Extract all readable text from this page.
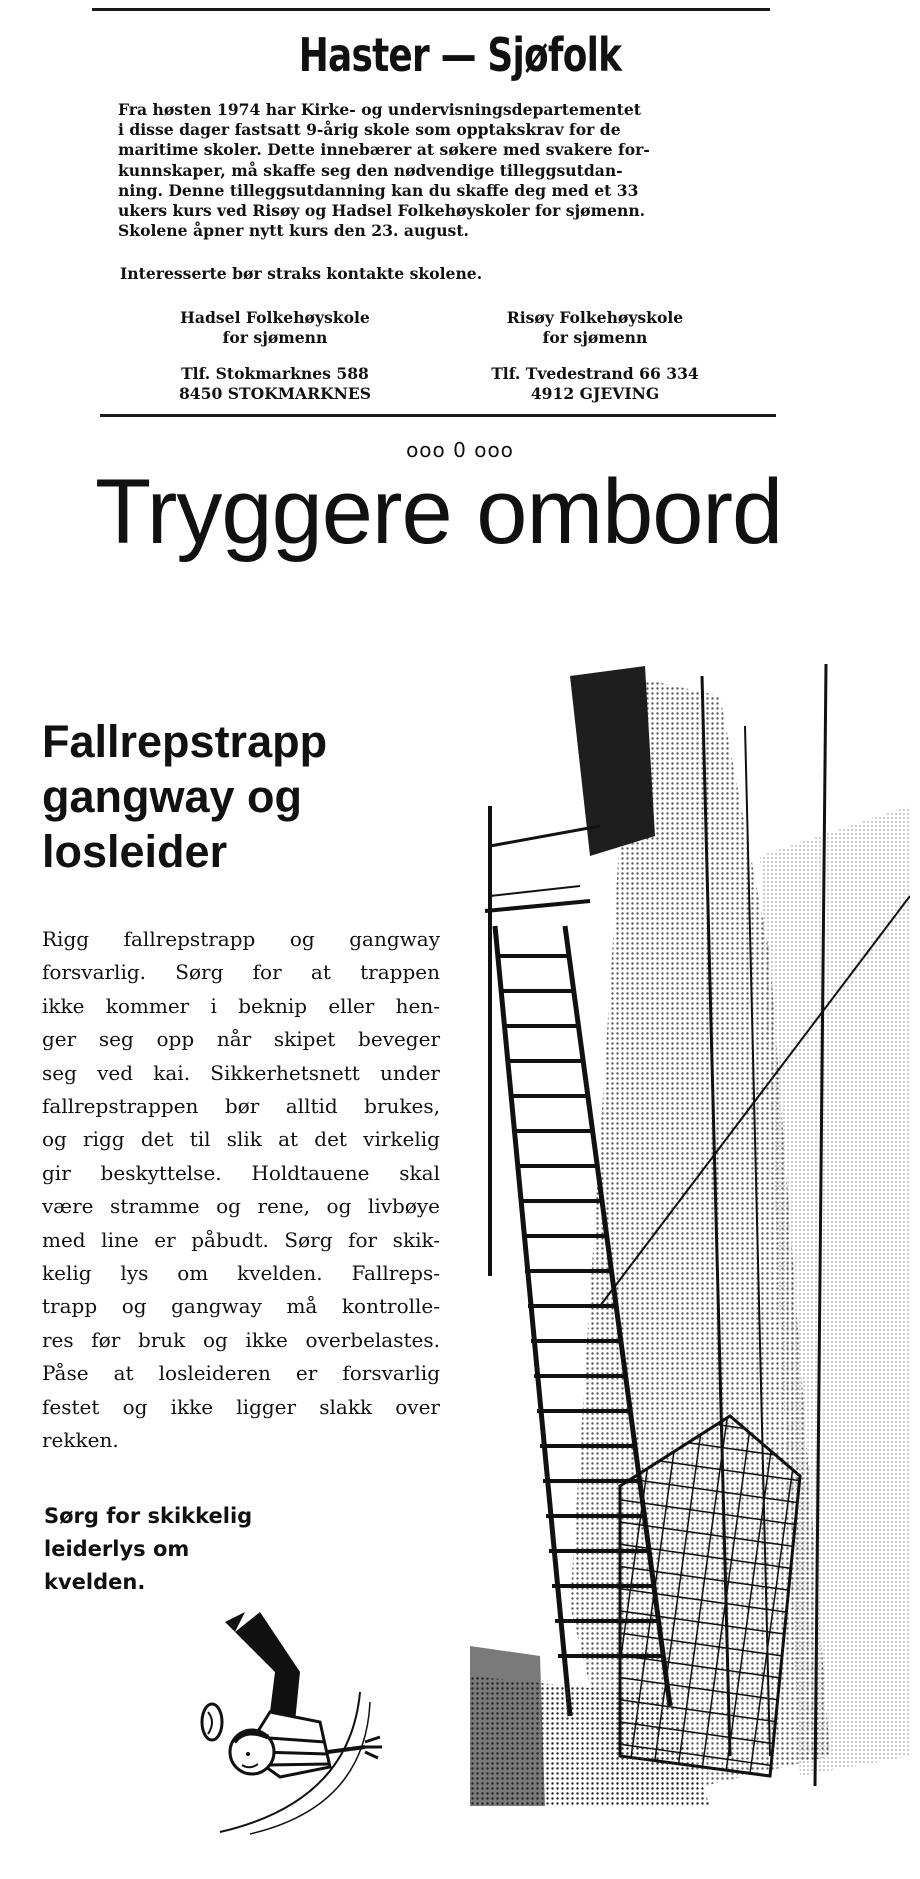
Haster — Sjøfolk
Fra høsten 1974 har Kirke- og undervisningsdepartementet
i disse dager fastsatt 9-årig skole som opptakskrav for de
maritime skoler. Dette innebærer at søkere med svakere for-
kunnskaper, må skaffe seg den nødvendige tilleggsutdan-
ning. Denne tilleggsutdanning kan du skaffe deg med et 33
ukers kurs ved Risøy og Hadsel Folkehøyskoler for sjømenn.
Skolene åpner nytt kurs den 23. august.
Interesserte bør straks kontakte skolene.
Hadsel Folkehøyskole
for sjømenn
Tlf. Stokmarknes 588
8450 STOKMARKNES
Risøy Folkehøyskole
for sjømenn
Tlf. Tvedestrand 66 334
4912 GJEVING
ooo 0 ooo
Tryggere ombord
Fallrepstrapp
gangway og
losleider
Rigg fallrepstrapp og gangway
forsvarlig. Sørg for at trappen
ikke kommer i beknip eller hen-
ger seg opp når skipet beveger
seg ved kai. Sikkerhetsnett under
fallrepstrappen bør alltid brukes,
og rigg det til slik at det virkelig
gir beskyttelse. Holdtauene skal
være stramme og rene, og livbøye
med line er påbudt. Sørg for skik-
kelig lys om kvelden. Fallreps-
trapp og gangway må kontrolle-
res før bruk og ikke overbelastes.
Påse at losleideren er forsvarlig
festet og ikke ligger slakk over
rekken.
Sørg for skikkelig
leiderlys om
kvelden.
